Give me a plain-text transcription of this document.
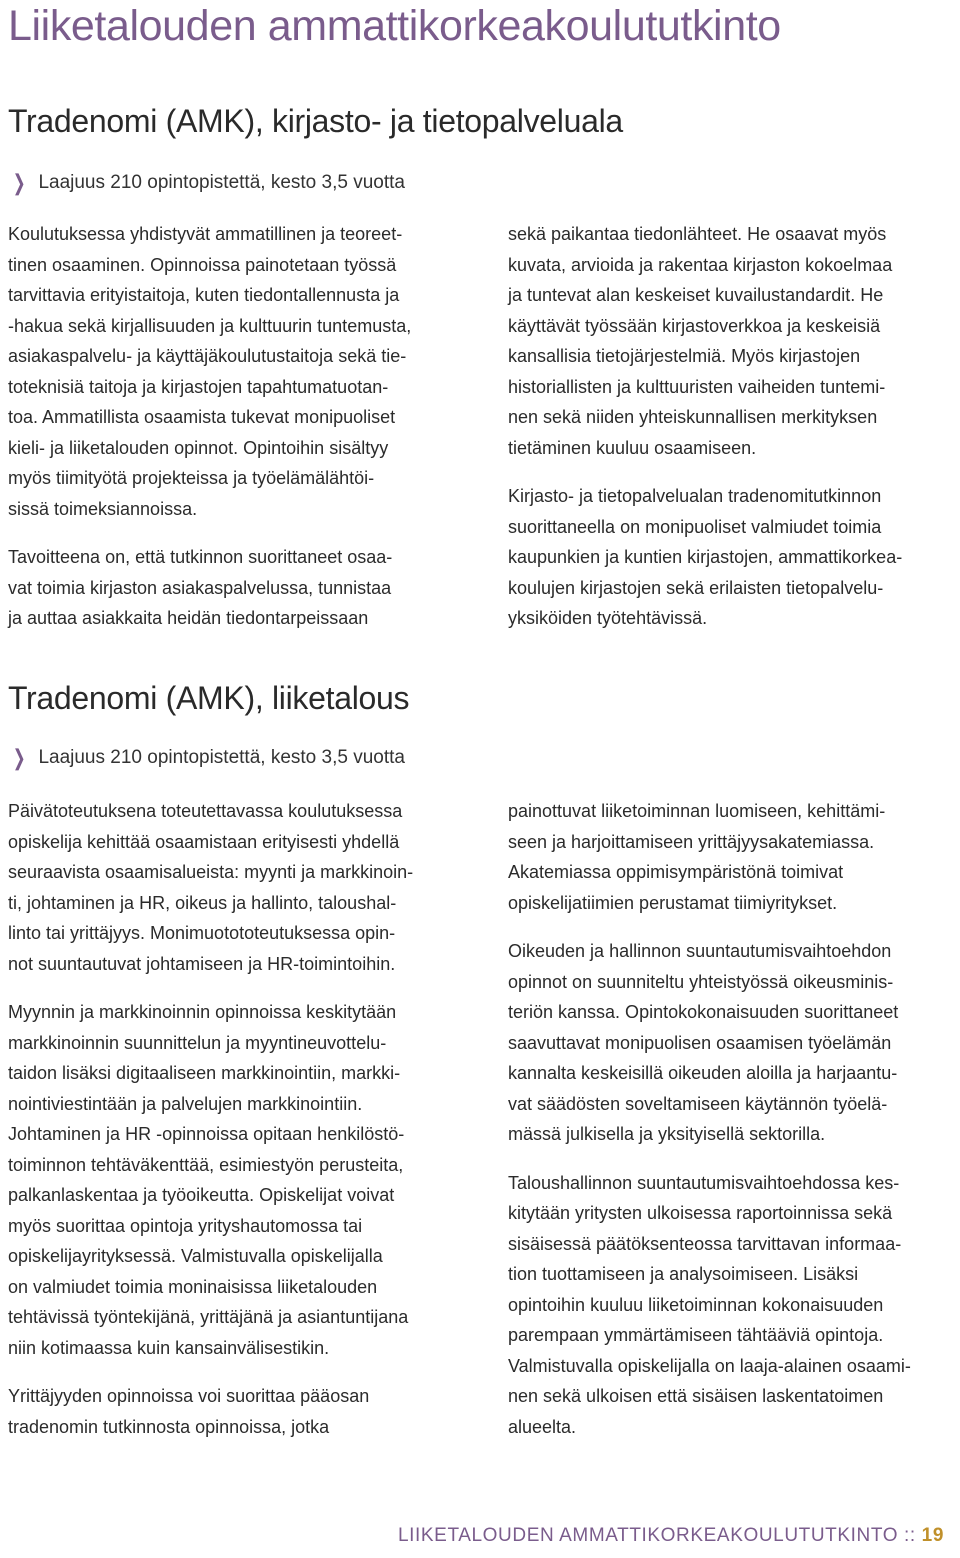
Liiketalouden ammattikorkeakoulututkinto
Tradenomi (AMK), kirjasto- ja tietopalveluala
❯ Laajuus 210 opintopistettä, kesto 3,5 vuotta

Koulutuksessa yhdistyvät ammatillinen ja teoreet-
tinen osaaminen. Opinnoissa painotetaan työssä
tarvittavia erityistaitoja, kuten tiedontallennusta ja
-hakua sekä kirjallisuuden ja kulttuurin tuntemusta,
asiakaspalvelu- ja käyttäjäkoulutustaitoja sekä tie-
toteknisiä taitoja ja kirjastojen tapahtumatuotan-
toa. Ammatillista osaamista tukevat monipuoliset
kieli- ja liiketalouden opinnot. Opintoihin sisältyy
myös tiimityötä projekteissa ja työelämälähtöi-
sissä toimeksiannoissa.

Tavoitteena on, että tutkinnon suorittaneet osaa-
vat toimia kirjaston asiakaspalvelussa, tunnistaa
ja auttaa asiakkaita heidän tiedontarpeissaan

sekä paikantaa tiedonlähteet. He osaavat myös
kuvata, arvioida ja rakentaa kirjaston kokoelmaa
ja tuntevat alan keskeiset kuvailustandardit. He
käyttävät työssään kirjastoverkkoa ja keskeisiä
kansallisia tietojärjestelmiä. Myös kirjastojen
historiallisten ja kulttuuristen vaiheiden tuntemi-
nen sekä niiden yhteiskunnallisen merkityksen
tietäminen kuuluu osaamiseen.

Kirjasto- ja tietopalvelualan tradenomitutkinnon
suorittaneella on monipuoliset valmiudet toimia
kaupunkien ja kuntien kirjastojen, ammattikorkea-
koulujen kirjastojen sekä erilaisten tietopalvelu-
yksiköiden työtehtävissä.

Tradenomi (AMK), liiketalous
❯ Laajuus 210 opintopistettä, kesto 3,5 vuotta

Päivätoteutuksena toteutettavassa koulutuksessa
opiskelija kehittää osaamistaan erityisesti yhdellä
seuraavista osaamisalueista: myynti ja markkinoin-
ti, johtaminen ja HR, oikeus ja hallinto, taloushal-
linto tai yrittäjyys. Monimuotototeutuksessa opin-
not suuntautuvat johtamiseen ja HR-toimintoihin.

Myynnin ja markkinoinnin opinnoissa keskitytään
markkinoinnin suunnittelun ja myyntineuvottelu-
taidon lisäksi digitaaliseen markkinointiin, markki-
nointiviestintään ja palvelujen markkinointiin.
Johtaminen ja HR -opinnoissa opitaan henkilöstö-
toiminnon tehtäväkenttää, esimiestyön perusteita,
palkanlaskentaa ja työoikeutta. Opiskelijat voivat
myös suorittaa opintoja yrityshautomossa tai
opiskelijayrityksessä. Valmistuvalla opiskelijalla
on valmiudet toimia moninaisissa liiketalouden
tehtävissä työntekijänä, yrittäjänä ja asiantuntijana
niin kotimaassa kuin kansainvälisestikin.

Yrittäjyyden opinnoissa voi suorittaa pääosan
tradenomin tutkinnosta opinnoissa, jotka

painottuvat liiketoiminnan luomiseen, kehittämi-
seen ja harjoittamiseen yrittäjyysakatemiassa.
Akatemiassa oppimisympäristönä toimivat
opiskelijatiimien perustamat tiimiyritykset.

Oikeuden ja hallinnon suuntautumisvaihtoehdon
opinnot on suunniteltu yhteistyössä oikeusminis-
teriön kanssa. Opintokokonaisuuden suorittaneet
saavuttavat monipuolisen osaamisen työelämän
kannalta keskeisillä oikeuden aloilla ja harjaantu-
vat säädösten soveltamiseen käytännön työelä-
mässä julkisella ja yksityisellä sektorilla.

Taloushallinnon suuntautumisvaihtoehdossa kes-
kitytään yritysten ulkoisessa raportoinnissa sekä
sisäisessä päätöksenteossa tarvittavan informaa-
tion tuottamiseen ja analysoimiseen. Lisäksi
opintoihin kuuluu liiketoiminnan kokonaisuuden
parempaan ymmärtämiseen tähtääviä opintoja.
Valmistuvalla opiskelijalla on laaja-alainen osaami-
nen sekä ulkoisen että sisäisen laskentatoimen
alueelta.

LIIKETALOUDEN AMMATTIKORKEAKOULUTUTKINTO :: 19
